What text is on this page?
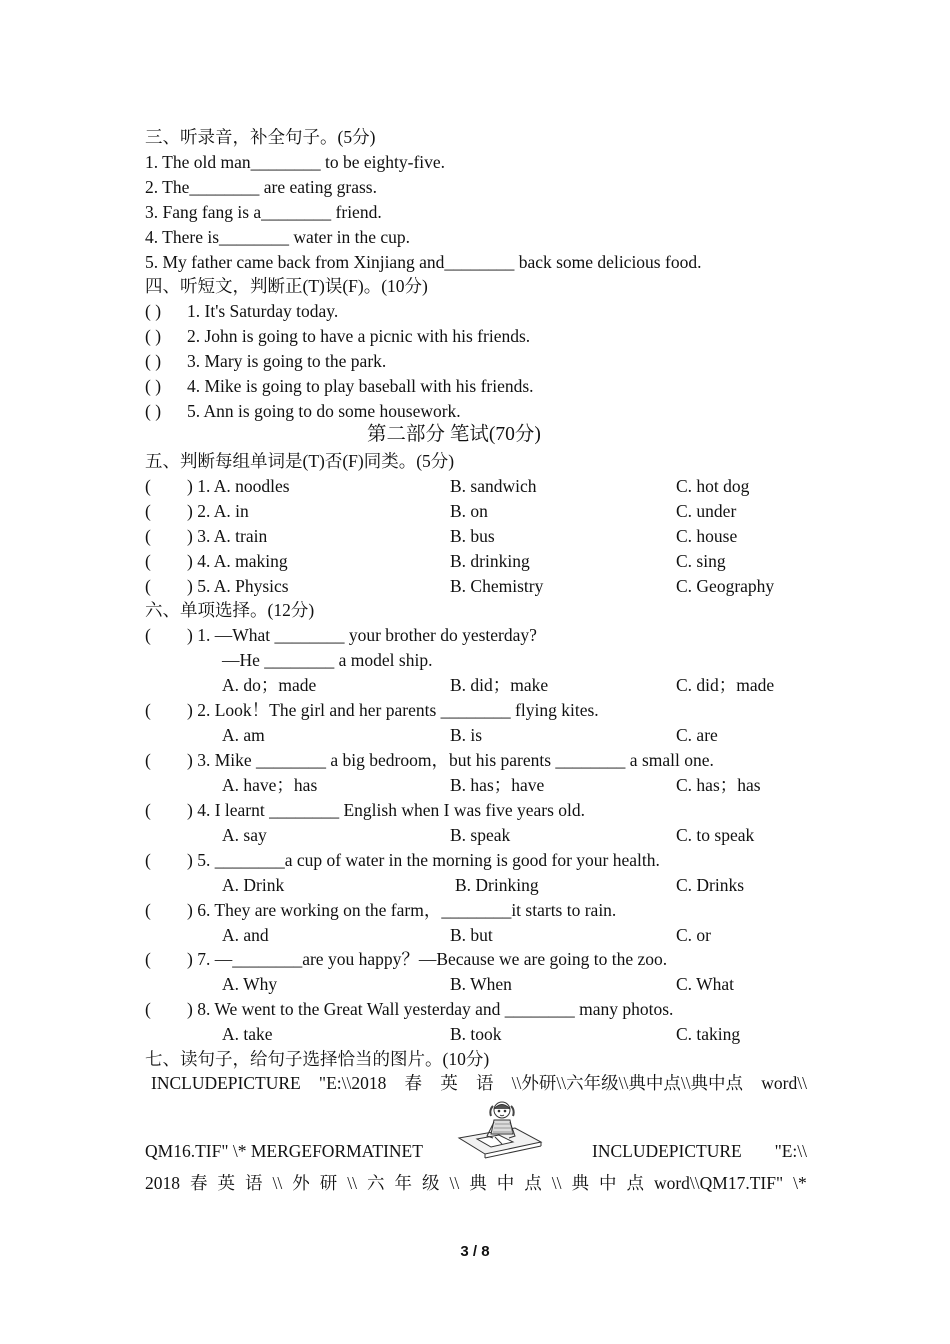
三、听录音，补全句子。(5分)
1. The old man________ to be eighty-five.
2. The________ are eating grass.
3. Fang fang is a________ friend.
4. There is________ water in the cup.
5. My father came back from Xinjiang and________ back some delicious food.
四、听短文，判断正(T)误(F)。(10分)
( ) 1. It's Saturday today.
( ) 2. John is going to have a picnic with his friends.
( ) 3. Mary is going to the park.
( ) 4. Mike is going to play baseball with his friends.
( ) 5. Ann is going to do some housework.
第二部分 笔试(70分)
五、判断每组单词是(T)否(F)同类。(5分)
( ) 1. A. noodles	B. sandwich	C. hot dog
( ) 2. A. in	B. on	C. under
( ) 3. A. train	B. bus	C. house
( ) 4. A. making	B. drinking	C. sing
( ) 5. A. Physics	B. Chemistry	C. Geography
六、单项选择。(12分)
( ) 1. —What ________ your brother do yesterday?
—He ________ a model ship.
A. do；made	B. did；make	C. did；made
( ) 2. Look！The girl and her parents ________ flying kites.
A. am	B. is	C. are
( ) 3. Mike ________ a big bedroom，but his parents ________ a small one.
A. have；has	B. has；have	C. has；has
( ) 4. I learnt ________ English when I was five years old.
A. say	B. speak	C. to speak
( ) 5. ________a cup of water in the morning is good for your health.
A. Drink	B. Drinking	C. Drinks
( ) 6. They are working on the farm，________it starts to rain.
A. and	B. but	C. or
( ) 7. —________are you happy？—Because we are going to the zoo.
A. Why	B. When	C. What
( ) 8. We went to the Great Wall yesterday and ________ many photos.
A. take	B. took	C. taking
七、读句子，给句子选择恰当的图片。(10分)
INCLUDEPICTURE "E:\\2018 春 英 语 \\外研\\六年级\\典中点\\典中点 word\\
QM16.TIF" \* MERGEFORMATINET	INCLUDEPICTURE "E:\\
2018 春 英 语 \\ 外 研 \\ 六 年 级 \\ 典 中 点 \\ 典 中 点 word\\QM17.TIF" \*
3 / 8
